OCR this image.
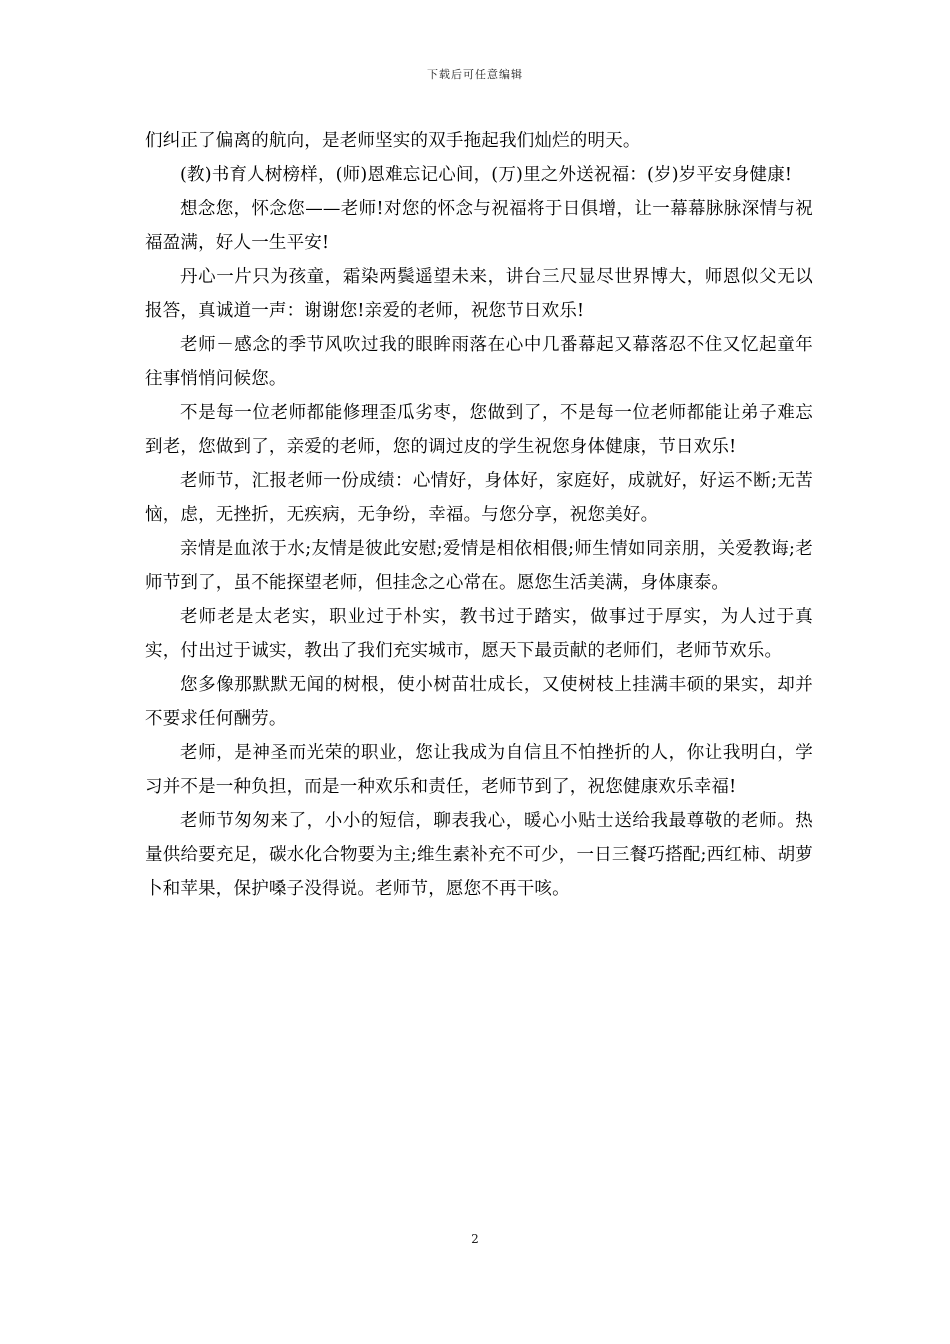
下载后可任意编辑

们纠正了偏离的航向，是老师坚实的双手拖起我们灿烂的明天。

(教)书育人树榜样，(师)恩难忘记心间，(万)里之外送祝福：(岁)岁平安身健康!

想念您，怀念您——老师!对您的怀念与祝福将于日俱增，让一幕幕脉脉深情与祝福盈满，好人一生平安!

丹心一片只为孩童，霜染两鬓遥望未来，讲台三尺显尽世界博大，师恩似父无以报答，真诚道一声：谢谢您!亲爱的老师，祝您节日欢乐!

老师－感念的季节风吹过我的眼眸雨落在心中几番幕起又幕落忍不住又忆起童年往事悄悄问候您。

不是每一位老师都能修理歪瓜劣枣，您做到了，不是每一位老师都能让弟子难忘到老，您做到了，亲爱的老师，您的调过皮的学生祝您身体健康，节日欢乐!

老师节，汇报老师一份成绩：心情好，身体好，家庭好，成就好，好运不断;无苦恼，虑，无挫折，无疾病，无争纷，幸福。与您分享，祝您美好。

亲情是血浓于水;友情是彼此安慰;爱情是相依相偎;师生情如同亲朋，关爱教诲;老师节到了，虽不能探望老师，但挂念之心常在。愿您生活美满，身体康泰。

老师老是太老实，职业过于朴实，教书过于踏实，做事过于厚实，为人过于真实，付出过于诚实，教出了我们充实城市，愿天下最贡献的老师们，老师节欢乐。

您多像那默默无闻的树根，使小树苗壮成长，又使树枝上挂满丰硕的果实，却并不要求任何酬劳。

老师，是神圣而光荣的职业，您让我成为自信且不怕挫折的人，你让我明白，学习并不是一种负担，而是一种欢乐和责任，老师节到了，祝您健康欢乐幸福!

老师节匆匆来了，小小的短信，聊表我心，暖心小贴士送给我最尊敬的老师。热量供给要充足，碳水化合物要为主;维生素补充不可少，一日三餐巧搭配;西红柿、胡萝卜和苹果，保护嗓子没得说。老师节，愿您不再干咳。

2
